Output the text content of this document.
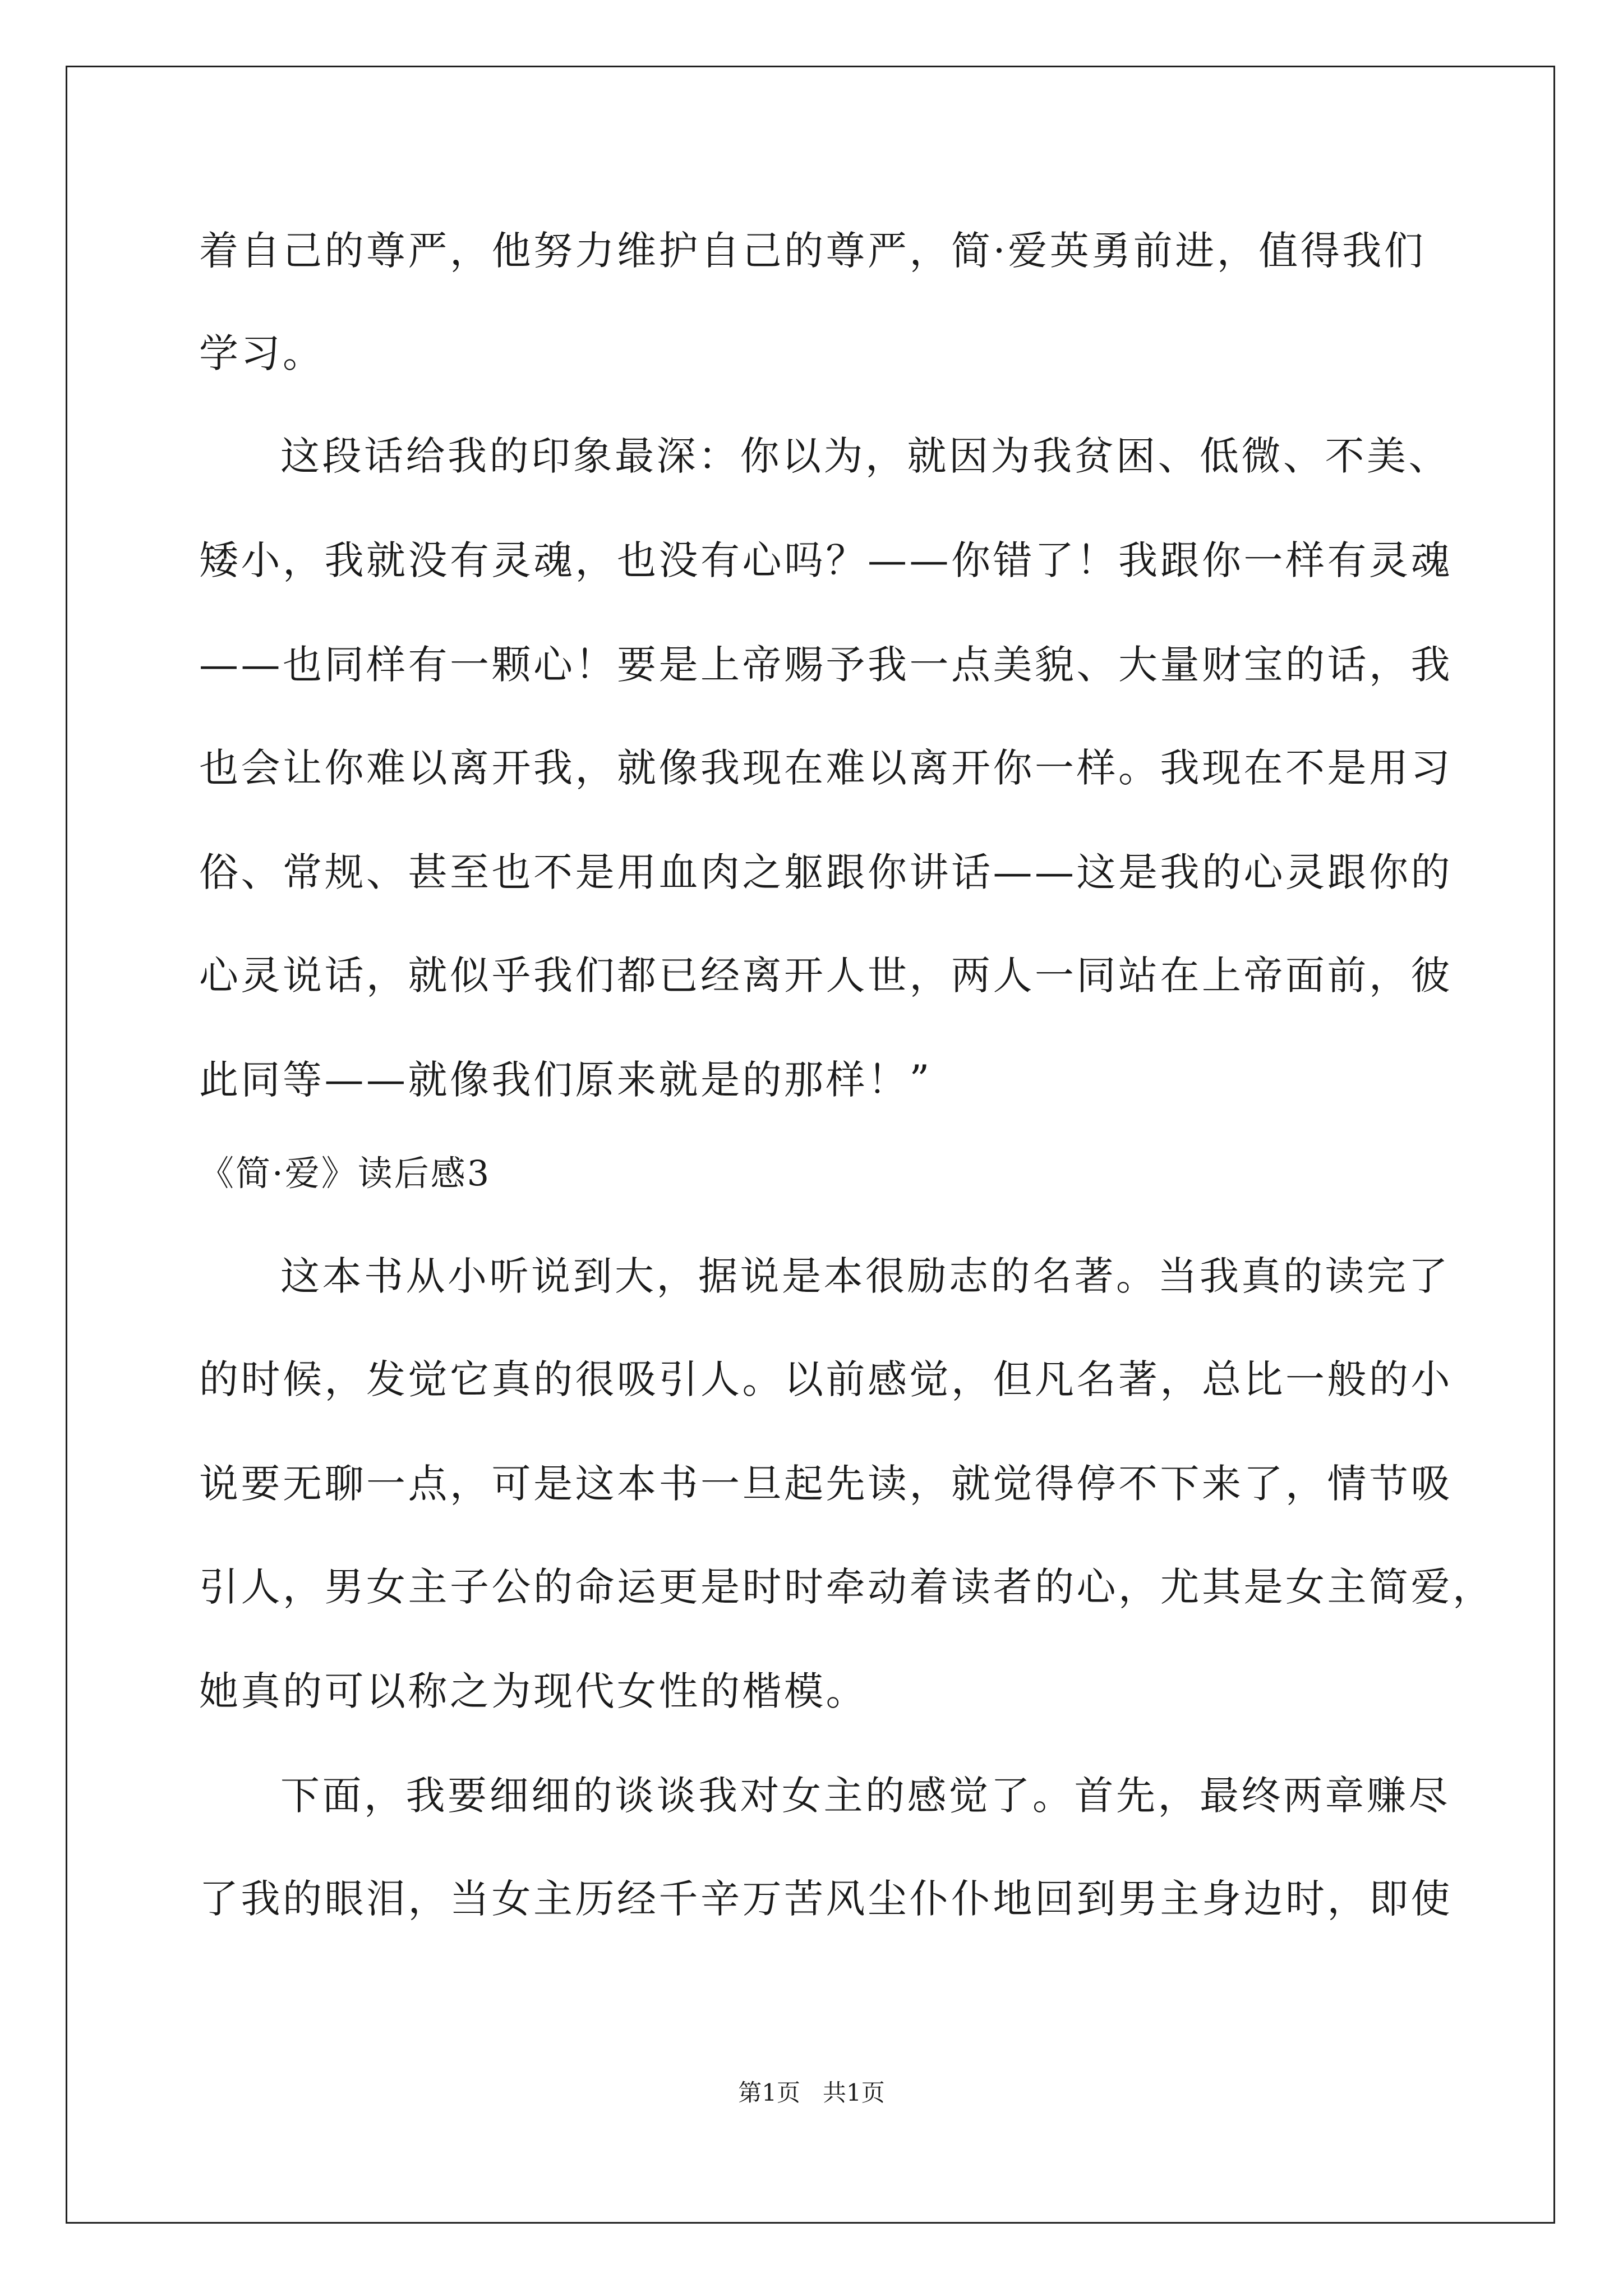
着自己的尊严，他努力维护自己的尊严，简·爱英勇前进，值得我们
学习。
这段话给我的印象最深：你以为，就因为我贫困、低微、不美、
矮小，我就没有灵魂，也没有心吗？——你错了！我跟你一样有灵魂
——也同样有一颗心！要是上帝赐予我一点美貌、大量财宝的话，我
也会让你难以离开我，就像我现在难以离开你一样。我现在不是用习
俗、常规、甚至也不是用血肉之躯跟你讲话——这是我的心灵跟你的
心灵说话，就似乎我们都已经离开人世，两人一同站在上帝面前，彼
此同等——就像我们原来就是的那样！”
《简·爱》读后感3
这本书从小听说到大，据说是本很励志的名著。当我真的读完了
的时候，发觉它真的很吸引人。以前感觉，但凡名著，总比一般的小
说要无聊一点，可是这本书一旦起先读，就觉得停不下来了，情节吸
引人，男女主子公的命运更是时时牵动着读者的心，尤其是女主简爱，
她真的可以称之为现代女性的楷模。
下面，我要细细的谈谈我对女主的感觉了。首先，最终两章赚尽
了我的眼泪，当女主历经千辛万苦风尘仆仆地回到男主身边时，即使
第1页   共1页
